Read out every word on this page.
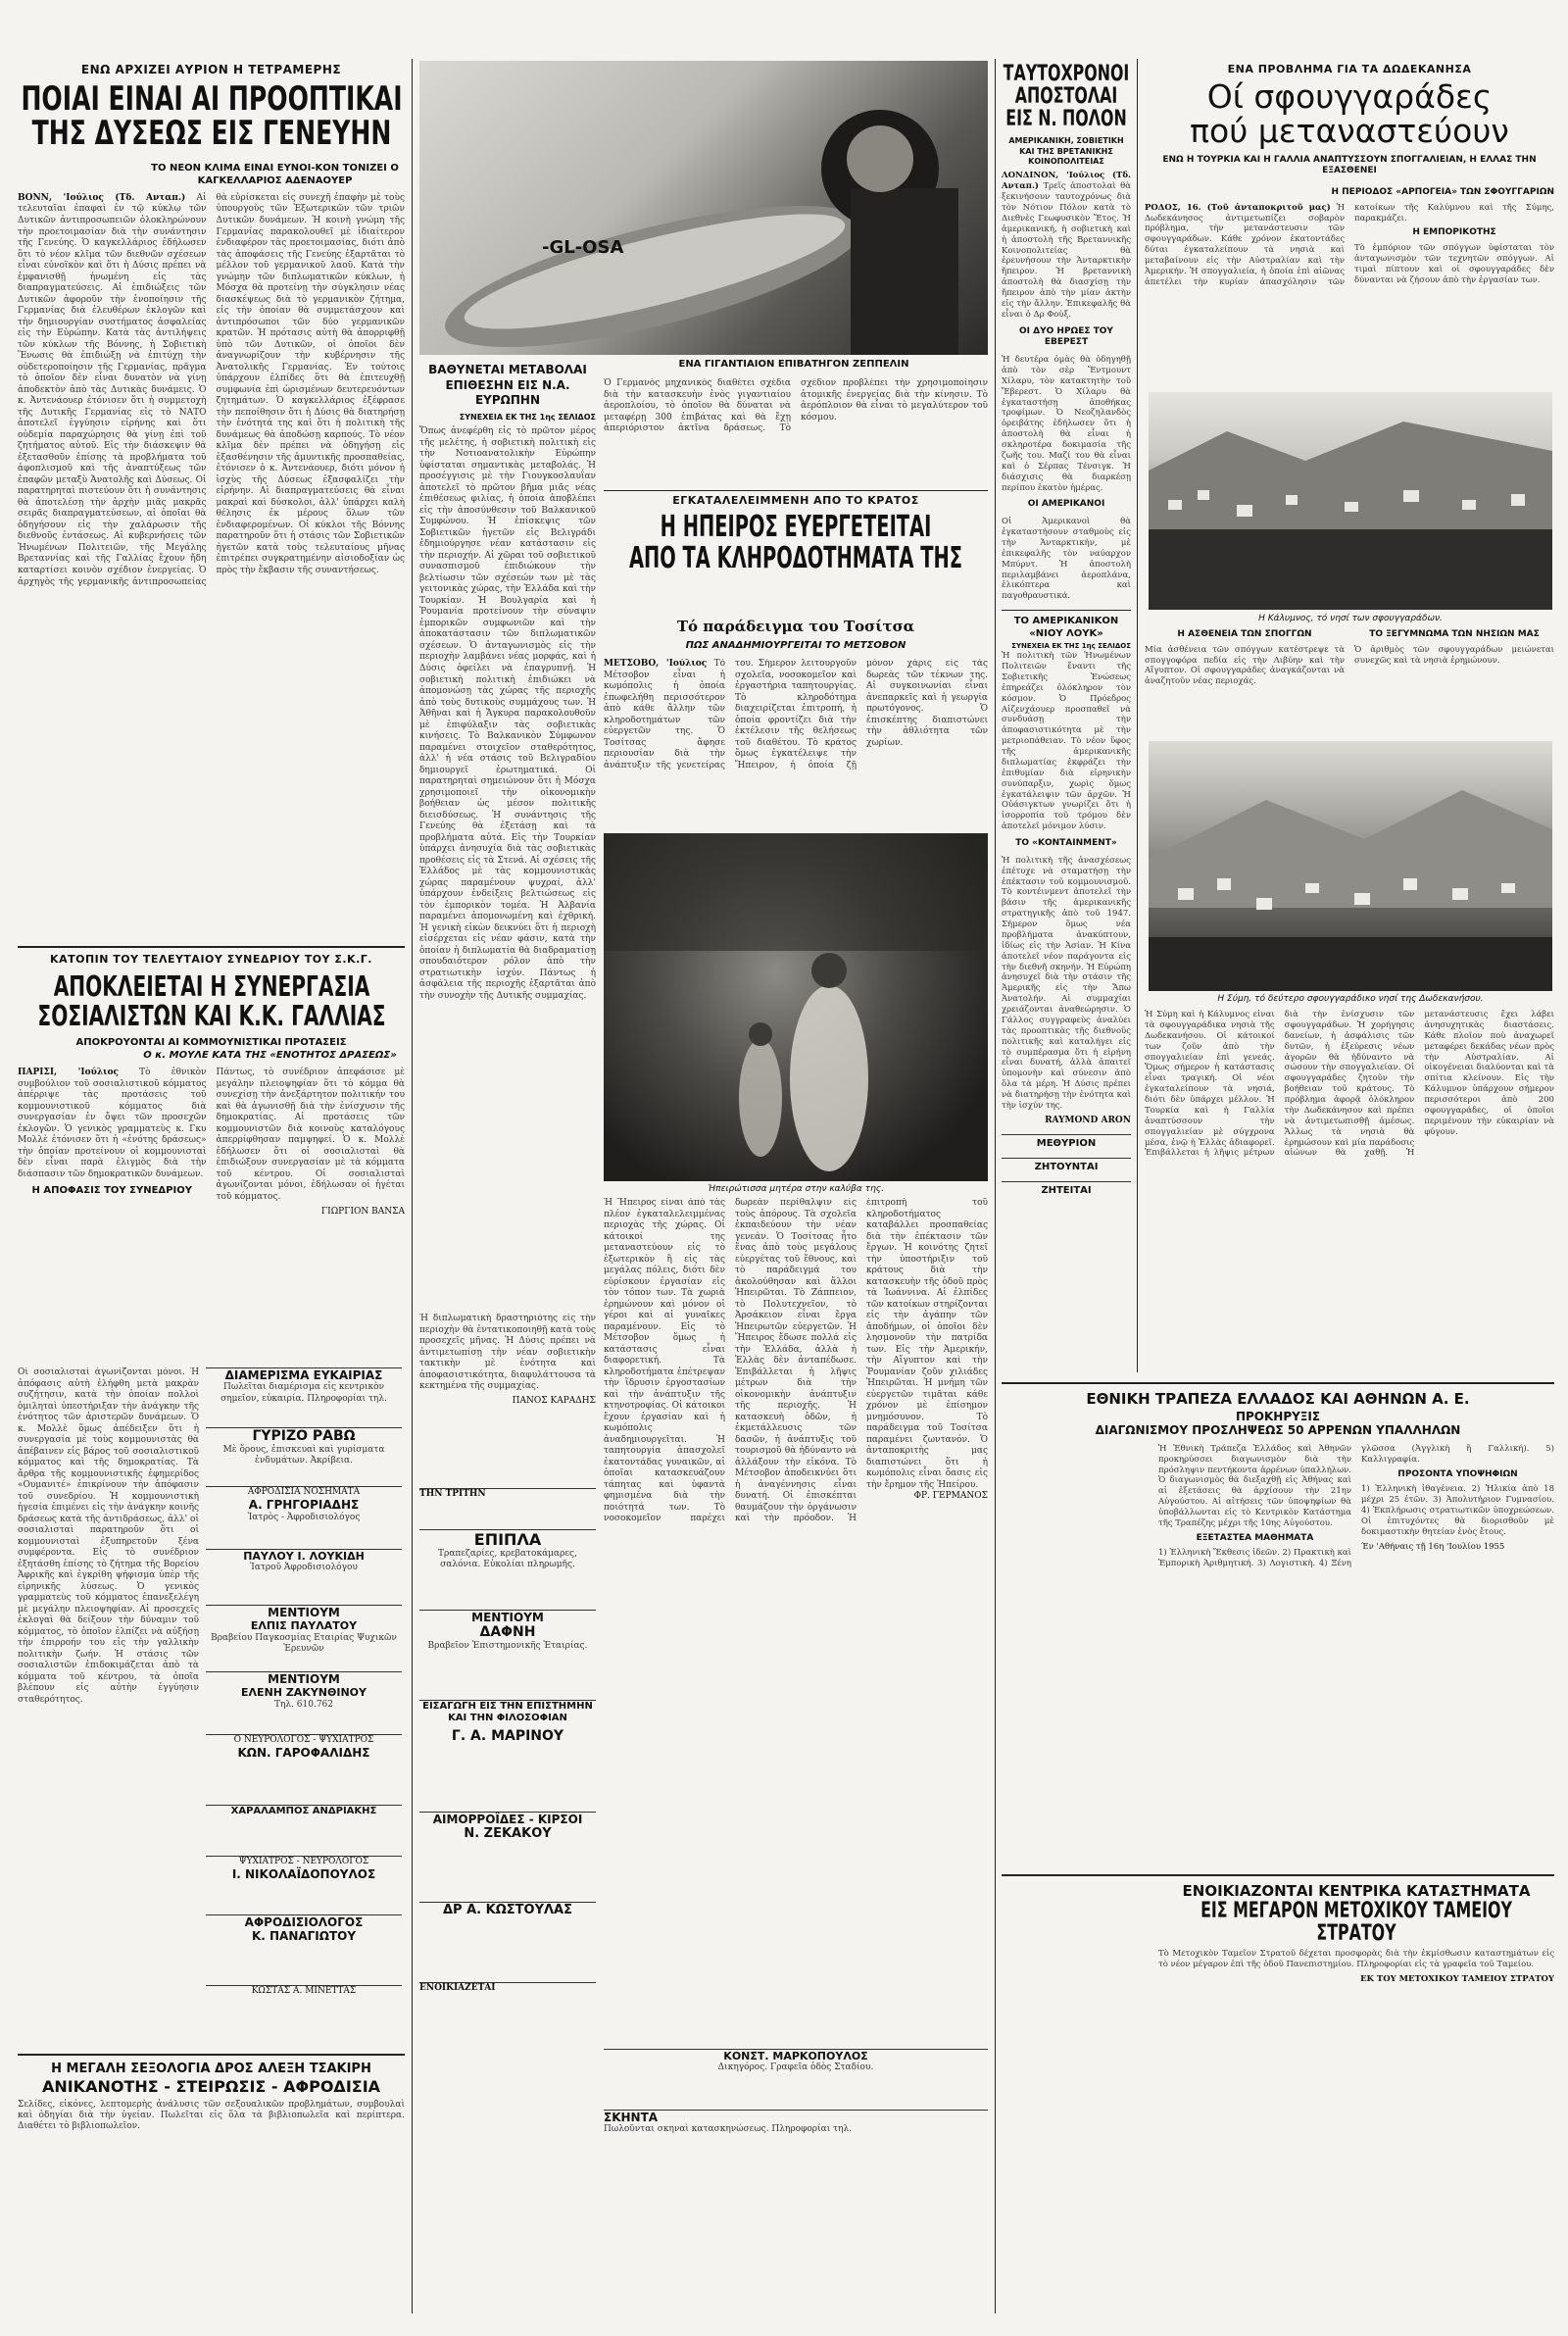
ΕΝΩ ΑΡΧΙΖΕΙ ΑΥΡΙΟΝ Η ΤΕΤΡΑΜΕΡΗΣ
ΠΟΙΑΙ ΕΙΝΑΙ ΑΙ ΠΡΟΟΠΤΙΚΑΙ
ΤΗΣ ΔΥΣΕΩΣ ΕΙΣ ΓΕΝΕΥΗΝ
ΤΟ ΝΕΟΝ ΚΛΙΜΑ ΕΙΝΑΙ ΕΥΝΟΙ-ΚΟΝ ΤΟΝΙΖΕΙ Ο ΚΑΓΚΕΛΛΑΡΙΟΣ ΑΔΕΝΑΟΥΕΡ
ΒΟΝΝ, 'Ιούλιος (Τδ. Ανταπ.) Αἱ τελευταῖαι ἐπαφαὶ ἐν τῷ κύκλῳ τῶν Δυτικῶν ἀντιπροσωπειῶν ὁλοκληρώνουν τὴν προετοιμασίαν διὰ τὴν συνάντησιν τῆς Γενεύης. Ὁ καγκελλάριος ἐδήλωσεν ὅτι τὸ νέον κλῖμα τῶν διεθνῶν σχέσεων εἶναι εὐνοϊκὸν καὶ ὅτι ἡ Δύσις πρέπει νὰ ἐμφανισθῇ ἡνωμένη εἰς τὰς διαπραγματεύσεις. Αἱ ἐπιδιώξεις τῶν Δυτικῶν ἀφοροῦν τὴν ἑνοποίησιν τῆς Γερμανίας διὰ ἐλευθέρων ἐκλογῶν καὶ τὴν δημιουργίαν συστήματος ἀσφαλείας εἰς τὴν Εὐρώπην. Κατὰ τὰς ἀντιλήψεις τῶν κύκλων τῆς Βόννης, ἡ Σοβιετικὴ Ἕνωσις θὰ ἐπιδιώξῃ νὰ ἐπιτύχῃ τὴν οὐδετεροποίησιν τῆς Γερμανίας, πρᾶγμα τὸ ὁποῖον δὲν εἶναι δυνατὸν νὰ γίνῃ ἀποδεκτὸν ἀπὸ τὰς Δυτικὰς δυνάμεις. Ὁ κ. Ἀντενάουερ ἐτόνισεν ὅτι ἡ συμμετοχὴ τῆς Δυτικῆς Γερμανίας εἰς τὸ ΝΑΤΟ ἀποτελεῖ ἐγγύησιν εἰρήνης καὶ ὅτι οὐδεμία παραχώρησις θὰ γίνῃ ἐπὶ τοῦ ζητήματος αὐτοῦ. Εἰς τὴν διάσκεψιν θὰ ἐξετασθοῦν ἐπίσης τὰ προβλήματα τοῦ ἀφοπλισμοῦ καὶ τῆς ἀναπτύξεως τῶν ἐπαφῶν μεταξὺ Ἀνατολῆς καὶ Δύσεως. Οἱ παρατηρηταὶ πιστεύουν ὅτι ἡ συνάντησις θὰ ἀποτελέσῃ τὴν ἀρχὴν μιᾶς μακρᾶς σειρᾶς διαπραγματεύσεων, αἱ ὁποῖαι θὰ ὁδηγήσουν εἰς τὴν χαλάρωσιν τῆς διεθνοῦς ἐντάσεως. Αἱ κυβερνήσεις τῶν Ἡνωμένων Πολιτειῶν, τῆς Μεγάλης Βρεταννίας καὶ τῆς Γαλλίας ἔχουν ἤδη καταρτίσει κοινὸν σχέδιον ἐνεργείας. Ὁ ἀρχηγὸς τῆς γερμανικῆς ἀντιπροσωπείας θὰ εὑρίσκεται εἰς συνεχῆ ἐπαφὴν μὲ τοὺς ὑπουργοὺς τῶν Ἐξωτερικῶν τῶν τριῶν Δυτικῶν δυνάμεων. Ἡ κοινὴ γνώμη τῆς Γερμανίας παρακολουθεῖ μὲ ἰδιαίτερον ἐνδιαφέρον τὰς προετοιμασίας, διότι ἀπὸ τὰς ἀποφάσεις τῆς Γενεύης ἐξαρτᾶται τὸ μέλλον τοῦ γερμανικοῦ λαοῦ. Κατὰ τὴν γνώμην τῶν διπλωματικῶν κύκλων, ἡ Μόσχα θὰ προτείνῃ τὴν σύγκλησιν νέας διασκέψεως διὰ τὸ γερμανικὸν ζήτημα, εἰς τὴν ὁποίαν θὰ συμμετάσχουν καὶ ἀντιπρόσωποι τῶν δύο γερμανικῶν κρατῶν. Ἡ πρότασις αὐτὴ θὰ ἀπορριφθῇ ὑπὸ τῶν Δυτικῶν, οἱ ὁποῖοι δὲν ἀναγνωρίζουν τὴν κυβέρνησιν τῆς Ἀνατολικῆς Γερμανίας. Ἐν τούτοις ὑπάρχουν ἐλπίδες ὅτι θὰ ἐπιτευχθῇ συμφωνία ἐπὶ ὡρισμένων δευτερευόντων ζητημάτων. Ὁ καγκελλάριος ἐξέφρασε τὴν πεποίθησιν ὅτι ἡ Δύσις θὰ διατηρήσῃ τὴν ἑνότητά της καὶ ὅτι ἡ πολιτικὴ τῆς δυνάμεως θὰ ἀποδώσῃ καρπούς. Τὸ νέον κλῖμα δὲν πρέπει νὰ ὁδηγήσῃ εἰς ἐξασθένησιν τῆς ἀμυντικῆς προσπαθείας, ἐτόνισεν ὁ κ. Ἀντενάουερ, διότι μόνον ἡ ἰσχὺς τῆς Δύσεως ἐξασφαλίζει τὴν εἰρήνην. Αἱ διαπραγματεύσεις θὰ εἶναι μακραὶ καὶ δύσκολοι, ἀλλ' ὑπάρχει καλὴ θέλησις ἐκ μέρους ὅλων τῶν ἐνδιαφερομένων. Οἱ κύκλοι τῆς Βόννης παρατηροῦν ὅτι ἡ στάσις τῶν Σοβιετικῶν ἡγετῶν κατὰ τοὺς τελευταίους μῆνας ἐπιτρέπει συγκρατημένην αἰσιοδοξίαν ὡς πρὸς τὴν ἔκβασιν τῆς συναντήσεως.
ΚΑΤΟΠΙΝ ΤΟΥ ΤΕΛΕΥΤΑΙΟΥ ΣΥΝΕΔΡΙΟΥ ΤΟΥ Σ.Κ.Γ.
ΑΠΟΚΛΕΙΕΤΑΙ Η ΣΥΝΕΡΓΑΣΙΑ
ΣΟΣΙΑΛΙΣΤΩΝ ΚΑΙ Κ.Κ. ΓΑΛΛΙΑΣ
ΑΠΟΚΡΟΥΟΝΤΑΙ ΑΙ ΚΟΜΜΟΥΝΙΣΤΙΚΑΙ ΠΡΟΤΑΣΕΙΣ
Ο κ. ΜΟΥΛΕ ΚΑΤΑ ΤΗΣ «ΕΝΟΤΗΤΟΣ ΔΡΑΣΕΩΣ»
ΠΑΡΙΣΙ, 'Ιούλιος Τὸ ἐθνικὸν συμβούλιον τοῦ σοσιαλιστικοῦ κόμματος ἀπέρριψε τὰς προτάσεις τοῦ κομμουνιστικοῦ κόμματος διὰ συνεργασίαν ἐν ὄψει τῶν προσεχῶν ἐκλογῶν. Ὁ γενικὸς γραμματεὺς κ. Γκυ Μολλὲ ἐτόνισεν ὅτι ἡ «ἑνότης δράσεως» τὴν ὁποίαν προτείνουν οἱ κομμουνισταὶ δὲν εἶναι παρὰ ἐλιγμὸς διὰ τὴν διάσπασιν τῶν δημοκρατικῶν δυνάμεων.
Η ΑΠΟΦΑΣΙΣ ΤΟΥ ΣΥΝΕΔΡΙΟΥ
Πάντως, τὸ συνέδριον ἀπεφάσισε μὲ μεγάλην πλειοψηφίαν ὅτι τὸ κόμμα θὰ συνεχίσῃ τὴν ἀνεξάρτητον πολιτικήν του καὶ θὰ ἀγωνισθῇ διὰ τὴν ἐνίσχυσιν τῆς δημοκρατίας. Αἱ προτάσεις τῶν κομμουνιστῶν διὰ κοινοὺς καταλόγους ἀπερρίφθησαν παμψηφεί. Ὁ κ. Μολλὲ ἐδήλωσεν ὅτι οἱ σοσιαλισταὶ θὰ ἐπιδιώξουν συνεργασίαν μὲ τὰ κόμματα τοῦ κέντρου. Οἱ σοσιαλισταὶ ἀγωνίζονται μόνοι, ἐδήλωσαν οἱ ἡγέται τοῦ κόμματος.
ΓΙΩΡΓΙΟΝ ΒΑΝΣΑ
ΔΙΑΜΕΡΙΣΜΑ ΕΥΚΑΙΡΙΑΣ
Πωλεῖται διαμέρισμα εἰς κεντρικὸν σημεῖον, εὐκαιρία. Πληροφορίαι τηλ.
ΓΥΡΙΖΟ ΡΑΒΩ
Μὲ ὅρους, ἐπισκευαὶ καὶ γυρίσματα ἐνδυμάτων. Ἀκρίβεια.
ΑΦΡΟΔΙΣΙΑ ΝΟΣΗΜΑΤΑ
Α. ΓΡΗΓΟΡΙΑΔΗΣ
Ἰατρὸς - Ἀφροδισιολόγος
ΠΑΥΛΟΥ Ι. ΛΟΥΚΙΔΗ
Ἰατροῦ Ἀφροδισιολόγου
ΜΕΝΤΙΟΥΜ
ΕΛΠΙΣ ΠΑΥΛΑΤΟΥ
Βραβείου Παγκοσμίας Εταιρίας Ψυχικῶν Ἐρευνῶν
ΜΕΝΤΙΟΥΜ
ΕΛΕΝΗ ΖΑΚΥΝΘΙΝΟΥ
Τηλ. 610.762
Ο ΝΕΥΡΟΛΟΓΟΣ - ΨΥΧΙΑΤΡΟΣ
ΚΩΝ. ΓΑΡΟΦΑΛΙΔΗΣ
ΧΑΡΑΛΑΜΠΟΣ ΑΝΔΡΙΑΚΗΣ
ΨΥΧΙΑΤΡΟΣ - ΝΕΥΡΟΛΟΓΟΣ
Ι. ΝΙΚΟΛΑΪΔΟΠΟΥΛΟΣ
ΑΦΡΟΔΙΣΙΟΛΟΓΟΣ
Κ. ΠΑΝΑΓΙΩΤΟΥ
ΚΩΣΤΑΣ Α. ΜΙΝΕΤΤΑΣ
Οἱ σοσιαλισταὶ ἀγωνίζονται μόνοι. Ἡ ἀπόφασις αὐτὴ ἐλήφθη μετὰ μακρὰν συζήτησιν, κατὰ τὴν ὁποίαν πολλοὶ ὁμιληταὶ ὑπεστήριξαν τὴν ἀνάγκην τῆς ἑνότητος τῶν ἀριστερῶν δυνάμεων. Ὁ κ. Μολλὲ ὅμως ἀπέδειξεν ὅτι ἡ συνεργασία μὲ τοὺς κομμουνιστὰς θὰ ἀπέβαινεν εἰς βάρος τοῦ σοσιαλιστικοῦ κόμματος καὶ τῆς δημοκρατίας. Τὰ ἄρθρα τῆς κομμουνιστικῆς ἐφημερίδος «Ουμανιτέ» ἐπικρίνουν τὴν ἀπόφασιν τοῦ συνεδρίου. Ἡ κομμουνιστικὴ ἡγεσία ἐπιμένει εἰς τὴν ἀνάγκην κοινῆς δράσεως κατὰ τῆς ἀντιδράσεως, ἀλλ' οἱ σοσιαλισταὶ παρατηροῦν ὅτι οἱ κομμουνισταὶ ἐξυπηρετοῦν ξένα συμφέροντα. Εἰς τὸ συνέδριον ἐξητάσθη ἐπίσης τὸ ζήτημα τῆς Βορείου Ἀφρικῆς καὶ ἐγκρίθη ψήφισμα ὑπὲρ τῆς εἰρηνικῆς λύσεως. Ὁ γενικὸς γραμματεὺς τοῦ κόμματος ἐπανεξελέγη μὲ μεγάλην πλειοψηφίαν. Αἱ προσεχεῖς ἐκλογαὶ θὰ δείξουν τὴν δύναμιν τοῦ κόμματος, τὸ ὁποῖον ἐλπίζει νὰ αὐξήσῃ τὴν ἐπιρροήν του εἰς τὴν γαλλικὴν πολιτικὴν ζωήν. Ἡ στάσις τῶν σοσιαλιστῶν ἐπιδοκιμάζεται ἀπὸ τὰ κόμματα τοῦ κέντρου, τὰ ὁποῖα βλέπουν εἰς αὐτὴν ἐγγύησιν σταθερότητος.
Η ΜΕΓΑΛΗ ΣΕΞΟΛΟΓΙΑ ΔΡΟΣ ΑΛΕΞΗ ΤΣΑΚΙΡΗ
ΑΝΙΚΑΝΟΤΗΣ - ΣΤΕΙΡΩΣΙΣ - ΑΦΡΟΔΙΣΙΑ
Σελίδες, εἰκόνες, λεπτομερὴς ἀνάλυσις τῶν σεξουαλικῶν προβλημάτων, συμβουλαὶ καὶ ὁδηγίαι διὰ τὴν ὑγείαν. Πωλεῖται εἰς ὅλα τὰ βιβλιοπωλεῖα καὶ περίπτερα. Διαθέτει τὸ βιβλιοπωλεῖον.
-GL-OSA
ΕΝΑ ΓΙΓΑΝΤΙΑΙΟΝ ΕΠΙΒΑΤΗΓΟΝ ΖΕΠΠΕΛΙΝ
ΒΑΘΥΝΕΤΑΙ ΜΕΤΑΒΟΛΑΙ ΕΠΙΘΕΣΗΝ ΕΙΣ Ν.Α. ΕΥΡΩΠΗΝ
ΣΥΝΕΧΕΙΑ ΕΚ ΤΗΣ 1ης ΣΕΛΙΔΟΣ
Ὅπως ἀνεφέρθη εἰς τὸ πρῶτον μέρος τῆς μελέτης, ἡ σοβιετικὴ πολιτικὴ εἰς τὴν Νοτιοανατολικὴν Εὐρώπην ὑφίσταται σημαντικὰς μεταβολάς. Ἡ προσέγγισις μὲ τὴν Γιουγκοσλαυΐαν ἀποτελεῖ τὸ πρῶτον βῆμα μιᾶς νέας ἐπιθέσεως φιλίας, ἡ ὁποία ἀποβλέπει εἰς τὴν ἀποσύνθεσιν τοῦ Βαλκανικοῦ Συμφώνου. Ἡ ἐπίσκεψις τῶν Σοβιετικῶν ἡγετῶν εἰς Βελιγράδι ἐδημιούργησε νέαν κατάστασιν εἰς τὴν περιοχήν. Αἱ χῶραι τοῦ σοβιετικοῦ συνασπισμοῦ ἐπιδιώκουν τὴν βελτίωσιν τῶν σχέσεών των μὲ τὰς γειτονικὰς χώρας, τὴν Ἑλλάδα καὶ τὴν Τουρκίαν. Ἡ Βουλγαρία καὶ ἡ Ῥουμανία προτείνουν τὴν σύναψιν ἐμπορικῶν συμφωνιῶν καὶ τὴν ἀποκατάστασιν τῶν διπλωματικῶν σχέσεων. Ὁ ἀνταγωνισμὸς εἰς τὴν περιοχὴν λαμβάνει νέας μορφάς, καὶ ἡ Δύσις ὀφείλει νὰ ἐπαγρυπνῇ. Ἡ σοβιετικὴ πολιτικὴ ἐπιδιώκει νὰ ἀπομονώσῃ τὰς χώρας τῆς περιοχῆς ἀπὸ τοὺς δυτικοὺς συμμάχους των. Ἡ Ἀθῆναι καὶ ἡ Ἄγκυρα παρακολουθοῦν μὲ ἐπιφύλαξιν τὰς σοβιετικὰς κινήσεις. Τὸ Βαλκανικὸν Σύμφωνον παραμένει στοιχεῖον σταθερότητος, ἀλλ' ἡ νέα στάσις τοῦ Βελιγραδίου δημιουργεῖ ἐρωτηματικά. Οἱ παρατηρηταὶ σημειώνουν ὅτι ἡ Μόσχα χρησιμοποιεῖ τὴν οἰκονομικὴν βοήθειαν ὡς μέσον πολιτικῆς διεισδύσεως. Ἡ συνάντησις τῆς Γενεύης θὰ ἐξετάσῃ καὶ τὰ προβλήματα αὐτά. Εἰς τὴν Τουρκίαν ὑπάρχει ἀνησυχία διὰ τὰς σοβιετικὰς προθέσεις εἰς τὰ Στενά. Αἱ σχέσεις τῆς Ἑλλάδος μὲ τὰς κομμουνιστικὰς χώρας παραμένουν ψυχραί, ἀλλ' ὑπάρχουν ἐνδείξεις βελτιώσεως εἰς τὸν ἐμπορικὸν τομέα. Ἡ Ἀλβανία παραμένει ἀπομονωμένη καὶ ἐχθρική. Ἡ γενικὴ εἰκὼν δεικνύει ὅτι ἡ περιοχὴ εἰσέρχεται εἰς νέαν φάσιν, κατὰ τὴν ὁποίαν ἡ διπλωματία θὰ διαδραματίσῃ σπουδαιότερον ρόλον ἀπὸ τὴν στρατιωτικὴν ἰσχύν. Πάντως ἡ ἀσφάλεια τῆς περιοχῆς ἐξαρτᾶται ἀπὸ τὴν συνοχὴν τῆς Δυτικῆς συμμαχίας.
Ὁ Γερμανὸς μηχανικὸς διαθέτει σχέδια διὰ τὴν κατασκευὴν ἑνὸς γιγαντιαίου ἀεροπλοίου, τὸ ὁποῖον θὰ δύναται νὰ μεταφέρῃ 300 ἐπιβάτας καὶ θὰ ἔχῃ ἀπεριόριστον ἀκτῖνα δράσεως. Τὸ σχέδιον προβλέπει τὴν χρησιμοποίησιν ἀτομικῆς ἐνεργείας διὰ τὴν κίνησιν. Τὸ ἀερόπλοιον θὰ εἶναι τὸ μεγαλύτερον τοῦ κόσμου.
ΕΓΚΑΤΑΛΕΛΕΙΜΜΕΝΗ ΑΠΟ ΤΟ ΚΡΑΤΟΣ
Η ΗΠΕΙΡΟΣ ΕΥΕΡΓΕΤΕΙΤΑΙ
ΑΠΟ ΤΑ ΚΛΗΡΟΔΟΤΗΜΑΤΑ ΤΗΣ
Τό παράδειγμα του Τοσίτσα
ΠΩΣ ΑΝΑΔΗΜΙΟΥΡΓΕΙΤΑΙ ΤΟ ΜΕΤΣΟΒΟΝ
ΜΕΤΣΟΒΟ, 'Ιούλιος Τὸ Μέτσοβον εἶναι ἡ κωμόπολις ἡ ὁποία ἐπωφελήθη περισσότερον ἀπὸ κάθε ἄλλην τῶν κληροδοτημάτων τῶν εὐεργετῶν της. Ὁ Τοσίτσας ἄφησε περιουσίαν διὰ τὴν ἀνάπτυξιν τῆς γενετείρας του. Σήμερον λειτουργοῦν σχολεῖα, νοσοκομεῖον καὶ ἐργαστήρια ταπητουργίας. Τὸ κληροδότημα διαχειρίζεται ἐπιτροπή, ἡ ὁποία φροντίζει διὰ τὴν ἐκτέλεσιν τῆς θελήσεως τοῦ διαθέτου. Τὸ κράτος ὅμως ἐγκατέλειψε τὴν Ἤπειρον, ἡ ὁποία ζῇ μόνον χάρις εἰς τὰς δωρεὰς τῶν τέκνων της. Αἱ συγκοινωνίαι εἶναι ἀνεπαρκεῖς καὶ ἡ γεωργία πρωτόγονος. Ὁ ἐπισκέπτης διαπιστώνει τὴν ἀθλιότητα τῶν χωρίων.
Ήπειρώτισσα μητέρα στην καλύβα της.
Ἡ Ἤπειρος εἶναι ἀπὸ τὰς πλέον ἐγκαταλελειμμένας περιοχὰς τῆς χώρας. Οἱ κάτοικοί της μεταναστεύουν εἰς τὸ ἐξωτερικὸν ἢ εἰς τὰς μεγάλας πόλεις, διότι δὲν εὑρίσκουν ἐργασίαν εἰς τὸν τόπον των. Τὰ χωριὰ ἐρημώνουν καὶ μόνον οἱ γέροι καὶ αἱ γυναῖκες παραμένουν. Εἰς τὸ Μέτσοβον ὅμως ἡ κατάστασις εἶναι διαφορετική. Τὰ κληροδοτήματα ἐπέτρεψαν τὴν ἵδρυσιν ἐργοστασίων καὶ τὴν ἀνάπτυξιν τῆς κτηνοτροφίας. Οἱ κάτοικοι ἔχουν ἐργασίαν καὶ ἡ κωμόπολις ἀναδημιουργεῖται. Ἡ ταπητουργία ἀπασχολεῖ ἑκατοντάδας γυναικῶν, αἱ ὁποῖαι κατασκευάζουν τάπητας καὶ ὑφαντὰ φημισμένα διὰ τὴν ποιότητά των. Τὸ νοσοκομεῖον παρέχει δωρεὰν περίθαλψιν εἰς τοὺς ἀπόρους. Τὰ σχολεῖα ἐκπαιδεύουν τὴν νέαν γενεάν. Ὁ Τοσίτσας ἦτο ἕνας ἀπὸ τοὺς μεγάλους εὐεργέτας τοῦ ἔθνους, καὶ τὸ παράδειγμά του ἀκολούθησαν καὶ ἄλλοι Ἠπειρῶται. Τὸ Ζάππειον, τὸ Πολυτεχνεῖον, τὸ Ἀρσάκειον εἶναι ἔργα Ἠπειρωτῶν εὐεργετῶν. Ἡ Ἤπειρος ἔδωσε πολλά εἰς τὴν Ἑλλάδα, ἀλλὰ ἡ Ἑλλὰς δὲν ἀνταπέδωσε. Ἐπιβάλλεται ἡ λῆψις μέτρων διὰ τὴν οἰκονομικὴν ἀνάπτυξιν τῆς περιοχῆς. Ἡ κατασκευὴ ὁδῶν, ἡ ἐκμετάλλευσις τῶν δασῶν, ἡ ἀνάπτυξις τοῦ τουρισμοῦ θὰ ἠδύναντο νὰ ἀλλάξουν τὴν εἰκόνα. Τὸ Μέτσοβον ἀποδεικνύει ὅτι ἡ ἀναγέννησις εἶναι δυνατή. Οἱ ἐπισκέπται θαυμάζουν τὴν ὀργάνωσιν καὶ τὴν πρόοδον. Ἡ ἐπιτροπὴ τοῦ κληροδοτήματος καταβάλλει προσπαθείας διὰ τὴν ἐπέκτασιν τῶν ἔργων. Ἡ κοινότης ζητεῖ τὴν ὑποστήριξιν τοῦ κράτους διὰ τὴν κατασκευὴν τῆς ὁδοῦ πρὸς τὰ Ἰωάννινα. Αἱ ἐλπίδες τῶν κατοίκων στηρίζονται εἰς τὴν ἀγάπην τῶν ἀποδήμων, οἱ ὁποῖοι δὲν λησμονοῦν τὴν πατρίδα των. Εἰς τὴν Ἀμερικήν, τὴν Αἴγυπτον καὶ τὴν Ῥουμανίαν ζοῦν χιλιάδες Ἠπειρῶται. Ἡ μνήμη τῶν εὐεργετῶν τιμᾶται κάθε χρόνον μὲ ἐπίσημον μνημόσυνον. Τὸ παράδειγμα τοῦ Τοσίτσα παραμένει ζωντανόν. Ὁ ἀνταποκριτὴς μας διαπιστώνει ὅτι ἡ κωμόπολις εἶναι ὄασις εἰς τὴν ἔρημον τῆς Ἠπείρου.
ΦΡ. ΓΕΡΜΑΝΟΣ
Ἡ διπλωματικὴ δραστηριότης εἰς τὴν περιοχὴν θὰ ἐντατικοποιηθῇ κατὰ τοὺς προσεχεῖς μῆνας. Ἡ Δύσις πρέπει νὰ ἀντιμετωπίσῃ τὴν νέαν σοβιετικὴν τακτικὴν μὲ ἑνότητα καὶ ἀποφασιστικότητα, διαφυλάττουσα τὰ κεκτημένα τῆς συμμαχίας.
ΠΑΝΟΣ ΚΑΡΑΔΗΣ
ΤΗΝ ΤΡΙΤΗΝ
ΕΠΙΠΛΑ
Τραπεζαρίες, κρεβατοκάμαρες, σαλόνια. Εὐκολίαι πληρωμῆς.
ΜΕΝΤΙΟΥΜ
ΔΑΦΝΗ
Βραβεῖον Ἐπιστημονικῆς Ἑταιρίας.
ΕΙΣΑΓΩΓΗ ΕΙΣ ΤΗΝ ΕΠΙΣΤΗΜΗΝ ΚΑΙ ΤΗΝ ΦΙΛΟΣΟΦΙΑΝ
Γ. Α. ΜΑΡΙΝΟΥ
ΑΙΜΟΡΡΟΪΔΕΣ - ΚΙΡΣΟΙ
Ν. ΖΕΚΑΚΟΥ
ΔΡ Α. ΚΩΣΤΟΥΛΑΣ
ΕΝΟΙΚΙΑΖΕΤΑΙ
ΤΑΥΤΟΧΡΟΝΟΙ
ΑΠΟΣΤΟΛΑΙ
ΕΙΣ Ν. ΠΟΛΟΝ
ΑΜΕΡΙΚΑΝΙΚΗ, ΣΟΒΙΕΤΙΚΗ ΚΑΙ ΤΗΣ ΒΡΕΤΑΝΙΚΗΣ ΚΟΙΝΟΠΟΛΙΤΕΙΑΣ
ΛΟΝΔΙΝΟΝ, 'Ιούλιος (Τδ. Ανταπ.) Τρεῖς ἀποστολαὶ θὰ ξεκινήσουν ταυτοχρόνως διὰ τὸν Νότιον Πόλον κατὰ τὸ Διεθνὲς Γεωφυσικὸν Ἔτος. Ἡ ἀμερικανική, ἡ σοβιετικὴ καὶ ἡ ἀποστολὴ τῆς Βρεταννικῆς Κοινοπολιτείας θὰ ἐρευνήσουν τὴν Ἀνταρκτικὴν ἤπειρον. Ἡ βρεταννικὴ ἀποστολὴ θὰ διασχίσῃ τὴν ἤπειρον ἀπὸ τὴν μίαν ἀκτὴν εἰς τὴν ἄλλην. Ἐπικεφαλῆς θὰ εἶναι ὁ Δρ Φοὺξ.
ΟΙ ΔΥΟ ΗΡΩΕΣ ΤΟΥ ΕΒΕΡΕΣΤ
Ἡ δευτέρα ὁμὰς θὰ ὁδηγηθῇ ἀπὸ τὸν σὲρ Ἔντμουντ Χίλαρυ, τὸν κατακτητὴν τοῦ Ἔβερεστ. Ὁ Χίλαρυ θὰ ἐγκαταστήσῃ ἀποθήκας τροφίμων. Ὁ Νεοζηλανδὸς ὀρειβάτης ἐδήλωσεν ὅτι ἡ ἀποστολὴ θὰ εἶναι ἡ σκληροτέρα δοκιμασία τῆς ζωῆς του. Μαζί του θὰ εἶναι καὶ ὁ Σέρπας Τένσιγκ. Ἡ διάσχισις θὰ διαρκέσῃ περίπου ἑκατὸν ἡμέρας.
ΟΙ ΑΜΕΡΙΚΑΝΟΙ
Οἱ Ἀμερικανοὶ θὰ ἐγκαταστήσουν σταθμοὺς εἰς τὴν Ἀνταρκτικήν, μὲ ἐπικεφαλῆς τὸν ναύαρχον Μπύρντ. Ἡ ἀποστολὴ περιλαμβάνει ἀεροπλάνα, ἑλικόπτερα καὶ παγοθραυστικά.
ΤΟ ΑΜΕΡΙΚΑΝΙΚΟΝ «ΝΙΟΥ ΛΟΥΚ»
ΣΥΝΕΧΕΙΑ ΕΚ ΤΗΣ 1ης ΣΕΛΙΔΟΣ
Ἡ πολιτικὴ τῶν Ἡνωμένων Πολιτειῶν ἔναντι τῆς Σοβιετικῆς Ἑνώσεως ἐπηρεάζει ὁλόκληρον τὸν κόσμον. Ὁ Πρόεδρος Αἰζενχάουερ προσπαθεῖ νὰ συνδυάσῃ τὴν ἀποφασιστικότητα μὲ τὴν μετριοπάθειαν. Τὸ νέον ὕφος τῆς ἀμερικανικῆς διπλωματίας ἐκφράζει τὴν ἐπιθυμίαν διὰ εἰρηνικὴν συνύπαρξιν, χωρὶς ὅμως ἐγκατάλειψιν τῶν ἀρχῶν. Ἡ Οὐάσιγκτων γνωρίζει ὅτι ἡ ἰσορροπία τοῦ τρόμου δὲν ἀποτελεῖ μόνιμον λύσιν.
ΤΟ «ΚΟΝΤΑΙΝΜΕΝΤ»
Ἡ πολιτικὴ τῆς ἀνασχέσεως ἐπέτυχε νὰ σταματήσῃ τὴν ἐπέκτασιν τοῦ κομμουνισμοῦ. Τὸ κοντέινμεντ ἀποτελεῖ τὴν βάσιν τῆς ἀμερικανικῆς στρατηγικῆς ἀπὸ τοῦ 1947. Σήμερον ὅμως νέα προβλήματα ἀνακύπτουν, ἰδίως εἰς τὴν Ἀσίαν. Ἡ Κίνα ἀποτελεῖ νέον παράγοντα εἰς τὴν διεθνῆ σκηνήν. Ἡ Εὐρώπη ἀνησυχεῖ διὰ τὴν στάσιν τῆς Ἀμερικῆς εἰς τὴν Ἄπω Ἀνατολήν. Αἱ συμμαχίαι χρειάζονται ἀναθεώρησιν. Ὁ Γάλλος συγγραφεὺς ἀναλύει τὰς προοπτικὰς τῆς διεθνοῦς πολιτικῆς καὶ καταλήγει εἰς τὸ συμπέρασμα ὅτι ἡ εἰρήνη εἶναι δυνατή, ἀλλὰ ἀπαιτεῖ ὑπομονὴν καὶ σύνεσιν ἀπὸ ὅλα τὰ μέρη. Ἡ Δύσις πρέπει νὰ διατηρήσῃ τὴν ἑνότητα καὶ τὴν ἰσχύν της.
RAYMOND ARON
ΜΕΘΥΡΙΟΝ
ΖΗΤΟΥΝΤΑΙ
ΖΗΤΕΙΤΑΙ
ΕΝΑ ΠΡΟΒΛΗΜΑ ΓΙΑ ΤΑ ΔΩΔΕΚΑΝΗΣΑ
Οί σφουγγαράδες
πού μεταναστεύουν
ΕΝΩ Η ΤΟΥΡΚΙΑ ΚΑΙ Η ΓΑΛΛΙΑ ΑΝΑΠΤΥΣΣΟΥΝ ΣΠΟΓΓΑΛΙΕΙΑΝ, Η ΕΛΛΑΣ ΤΗΝ ΕΞΑΣΘΕΝΕΙ
Η ΠΕΡΙΟΔΟΣ «ΑΡΠΟΓΕΙΑ» ΤΩΝ ΣΦΟΥΓΓΑΡΙΩΝ
ΡΟΔΟΣ, 16. (Τοῦ ἀνταποκριτοῦ μας) Ἡ Δωδεκάνησος ἀντιμετωπίζει σοβαρὸν πρόβλημα, τὴν μετανάστευσιν τῶν σφουγγαράδων. Κάθε χρόνον ἑκατοντάδες δύται ἐγκαταλείπουν τὰ νησιὰ καὶ μεταβαίνουν εἰς τὴν Αὐστραλίαν καὶ τὴν Ἀμερικήν. Ἡ σπογγαλιεία, ἡ ὁποία ἐπὶ αἰῶνας ἀπετέλει τὴν κυρίαν ἀπασχόλησιν τῶν κατοίκων τῆς Καλύμνου καὶ τῆς Σύμης, παρακμάζει.
Η ΕΜΠΟΡΙΚΟΤΗΣ
Τὸ ἐμπόριον τῶν σπόγγων ὑφίσταται τὸν ἀνταγωνισμὸν τῶν τεχνητῶν σπόγγων. Αἱ τιμαὶ πίπτουν καὶ οἱ σφουγγαράδες δὲν δύνανται νὰ ζήσουν ἀπὸ τὴν ἐργασίαν των.
Η Κάλυμνος, τό νησί των σφουγγαράδων.
Η ΑΣΘΕΝΕΙΑ ΤΩΝ ΣΠΟΓΓΩΝ
Μία ἀσθένεια τῶν σπόγγων κατέστρεψε τὰ σπογγοφόρα πεδία εἰς τὴν Λιβύην καὶ τὴν Αἴγυπτον. Οἱ σφουγγαράδες ἀναγκάζονται νὰ ἀναζητοῦν νέας περιοχάς.
ΤΟ ΞΕΓΥΜΝΩΜΑ ΤΩΝ ΝΗΣΙΩΝ ΜΑΣ
Ὁ ἀριθμὸς τῶν σφουγγαράδων μειώνεται συνεχῶς καὶ τὰ νησιὰ ἐρημώνουν.
Η Σύμη, τό δεύτερο σφουγγαράδικο νησί της Δωδεκανήσου.
Ἡ Σύμη καὶ ἡ Κάλυμνος εἶναι τὰ σφουγγαράδικα νησιὰ τῆς Δωδεκανήσου. Οἱ κάτοικοί των ζοῦν ἀπὸ τὴν σπογγαλιείαν ἐπὶ γενεάς. Ὅμως σήμερον ἡ κατάστασις εἶναι τραγική. Οἱ νέοι ἐγκαταλείπουν τὰ νησιά, διότι δὲν ὑπάρχει μέλλον. Ἡ Τουρκία καὶ ἡ Γαλλία ἀναπτύσσουν τὴν σπογγαλιείαν μὲ σύγχρονα μέσα, ἐνῷ ἡ Ἑλλὰς ἀδιαφορεῖ. Ἐπιβάλλεται ἡ λῆψις μέτρων διὰ τὴν ἐνίσχυσιν τῶν σφουγγαράδων. Ἡ χορήγησις δανείων, ἡ ἀσφάλισις τῶν δυτῶν, ἡ ἐξεύρεσις νέων ἀγορῶν θὰ ἠδύναντο νὰ σώσουν τὴν σπογγαλιείαν. Οἱ σφουγγαράδες ζητοῦν τὴν βοήθειαν τοῦ κράτους. Τὸ πρόβλημα ἀφορᾷ ὁλόκληρον τὴν Δωδεκάνησον καὶ πρέπει νὰ ἀντιμετωπισθῇ ἀμέσως. Ἄλλως τὰ νησιὰ θὰ ἐρημώσουν καὶ μία παράδοσις αἰώνων θὰ χαθῇ. Ἡ μετανάστευσις ἔχει λάβει ἀνησυχητικὰς διαστάσεις. Κάθε πλοῖον ποὺ ἀναχωρεῖ μεταφέρει δεκάδας νέων πρὸς τὴν Αὐστραλίαν. Αἱ οἰκογένειαι διαλύονται καὶ τὰ σπίτια κλείνουν. Εἰς τὴν Κάλυμνον ὑπάρχουν σήμερον περισσότεροι ἀπὸ 200 σφουγγαράδες, οἱ ὁποῖοι περιμένουν τὴν εὐκαιρίαν νὰ φύγουν.
ΕΘΝΙΚΗ ΤΡΑΠΕΖΑ ΕΛΛΑΔΟΣ ΚΑΙ ΑΘΗΝΩΝ Α. Ε.
ΠΡΟΚΗΡΥΞΙΣ
ΔΙΑΓΩΝΙΣΜΟΥ ΠΡΟΣΛΗΨΕΩΣ 50 ΑΡΡΕΝΩΝ ΥΠΑΛΛΗΛΩΝ
Ἡ Ἐθνικὴ Τράπεζα Ἑλλάδος καὶ Ἀθηνῶν προκηρύσσει διαγωνισμὸν διὰ τὴν πρόσληψιν πεντήκοντα ἀρρένων ὑπαλλήλων. Ὁ διαγωνισμὸς θὰ διεξαχθῇ εἰς Ἀθήνας καὶ αἱ ἐξετάσεις θὰ ἀρχίσουν τὴν 21ην Αὐγούστου. Αἱ αἰτήσεις τῶν ὑποψηφίων θὰ ὑποβάλλωνται εἰς τὸ Κεντρικὸν Κατάστημα τῆς Τραπέζης μέχρι τῆς 10ης Αὐγούστου.
ΕΞΕΤΑΣΤΕΑ ΜΑΘΗΜΑΤΑ
1) Ἑλληνικὴ Ἔκθεσις ἰδεῶν. 2) Πρακτικὴ καὶ Ἐμπορικὴ Ἀριθμητική. 3) Λογιστικὴ. 4) Ξένη γλῶσσα (Ἀγγλικὴ ἢ Γαλλική). 5) Καλλιγραφία.
ΠΡΟΣΟΝΤΑ ΥΠΟΨΗΦΙΩΝ
1) Ἑλληνικὴ ἰθαγένεια. 2) Ἡλικία ἀπὸ 18 μέχρι 25 ἐτῶν. 3) Ἀπολυτήριον Γυμνασίου. 4) Ἐκπλήρωσις στρατιωτικῶν ὑποχρεώσεων. Οἱ ἐπιτυχόντες θὰ διορισθοῦν μὲ δοκιμαστικὴν θητείαν ἑνὸς ἔτους.
Έν 'Αθήναις τῇ 16η 'Ιουλίου 1955
ΕΝΟΙΚΙΑΖΟΝΤΑΙ ΚΕΝΤΡΙΚΑ ΚΑΤΑΣΤΗΜΑΤΑ
ΕΙΣ ΜΕΓΑΡΟΝ ΜΕΤΟΧΙΚΟΥ ΤΑΜΕΙΟΥ ΣΤΡΑΤΟΥ
Τὸ Μετοχικὸν Ταμεῖον Στρατοῦ δέχεται προσφορὰς διὰ τὴν ἐκμίσθωσιν καταστημάτων εἰς τὸ νέον μέγαρον ἐπὶ τῆς ὁδοῦ Πανεπιστημίου. Πληροφορίαι εἰς τὰ γραφεῖα τοῦ Ταμείου.
ΕΚ ΤΟΥ ΜΕΤΟΧΙΚΟΥ ΤΑΜΕΙΟΥ ΣΤΡΑΤΟΥ
ΚΟΝΣΤ. ΜΑΡΚΟΠΟΥΛΟΣ
Δικηγόρος. Γραφεῖα ὁδὸς Σταδίου.
ΣΚΗΝΤΑ
Πωλοῦνται σκηναὶ κατασκηνώσεως. Πληροφορίαι τηλ.
